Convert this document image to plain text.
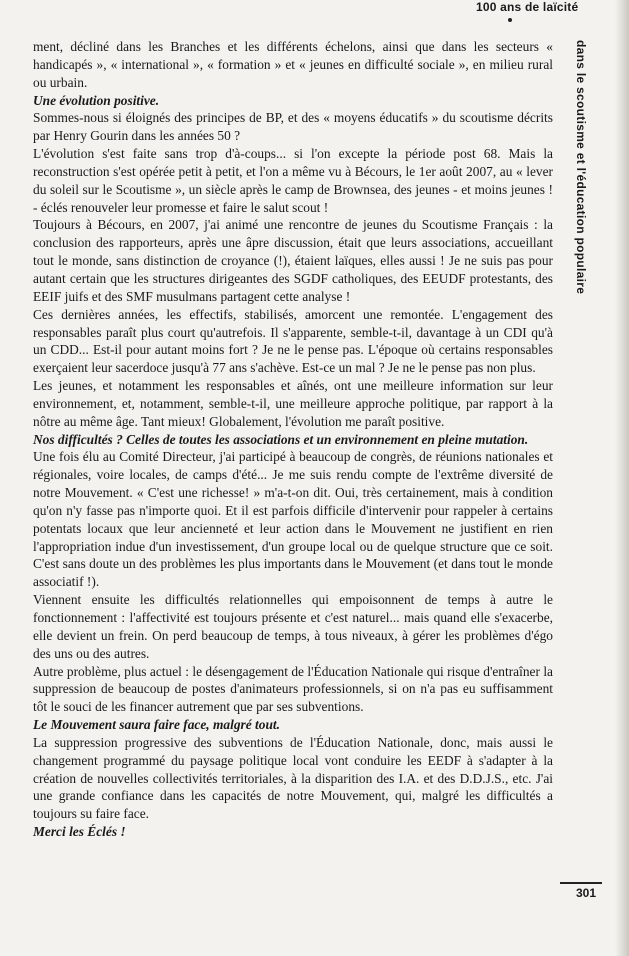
100 ans de laïcité
dans le scoutisme et l'éducation populaire

ment, décliné dans les Branches et les différents échelons, ainsi que dans les secteurs « handicapés », « international », « formation » et « jeunes en difficulté sociale », en milieu rural ou urbain.

Une évolution positive.

Sommes-nous si éloignés des principes de BP, et des « moyens éducatifs » du scoutisme décrits par Henry Gourin dans les années 50 ?

L'évolution s'est faite sans trop d'à-coups... si l'on excepte la période post 68. Mais la reconstruction s'est opérée petit à petit, et l'on a même vu à Bécours, le 1er août 2007, au « lever du soleil sur le Scoutisme », un siècle après le camp de Brownsea, des jeunes - et moins jeunes ! - éclés renouveler leur promesse et faire le salut scout !

Toujours à Bécours, en 2007, j'ai animé une rencontre de jeunes du Scoutisme Français : la conclusion des rapporteurs, après une âpre discussion, était que leurs associations, accueillant tout le monde, sans distinction de croyance (!), étaient laïques, elles aussi ! Je ne suis pas pour autant certain que les structures dirigeantes des SGDF catholiques, des EEUDF protestants, des EEIF juifs et des SMF musulmans partagent cette analyse !

Ces dernières années, les effectifs, stabilisés, amorcent une remontée. L'engagement des responsables paraît plus court qu'autrefois. Il s'apparente, semble-t-il, davantage à un CDI qu'à un CDD... Est-il pour autant moins fort ? Je ne le pense pas. L'époque où certains responsables exerçaient leur sacerdoce jusqu'à 77 ans s'achève. Est-ce un mal ? Je ne le pense pas non plus.

Les jeunes, et notamment les responsables et aînés, ont une meilleure information sur leur environnement, et, notamment, semble-t-il, une meilleure approche politique, par rapport à la nôtre au même âge. Tant mieux! Globalement, l'évolution me paraît positive.

Nos difficultés ? Celles de toutes les associations et un environnement en pleine mutation.

Une fois élu au Comité Directeur, j'ai participé à beaucoup de congrès, de réunions nationales et régionales, voire locales, de camps d'été... Je me suis rendu compte de l'extrême diversité de notre Mouvement. « C'est une richesse! » m'a-t-on dit. Oui, très certainement, mais à condition qu'on n'y fasse pas n'importe quoi. Et il est parfois difficile d'intervenir pour rappeler à certains potentats locaux que leur ancienneté et leur action dans le Mouvement ne justifient en rien l'appropriation indue d'un investissement, d'un groupe local ou de quelque structure que ce soit. C'est sans doute un des problèmes les plus importants dans le Mouvement (et dans tout le monde associatif !).

Viennent ensuite les difficultés relationnelles qui empoisonnent de temps à autre le fonctionnement : l'affectivité est toujours présente et c'est naturel... mais quand elle s'exacerbe, elle devient un frein. On perd beaucoup de temps, à tous niveaux, à gérer les problèmes d'égo des uns ou des autres.

Autre problème, plus actuel : le désengagement de l'Éducation Nationale qui risque d'entraîner la suppression de beaucoup de postes d'animateurs professionnels, si on n'a pas eu suffisamment tôt le souci de les financer autrement que par ses subventions.

Le Mouvement saura faire face, malgré tout.

La suppression progressive des subventions de l'Éducation Nationale, donc, mais aussi le changement programmé du paysage politique local vont conduire les EEDF à s'adapter à la création de nouvelles collectivités territoriales, à la disparition des I.A. et des D.D.J.S., etc. J'ai une grande confiance dans les capacités de notre Mouvement, qui, malgré les difficultés a toujours su faire face.

Merci les Éclés !

301
